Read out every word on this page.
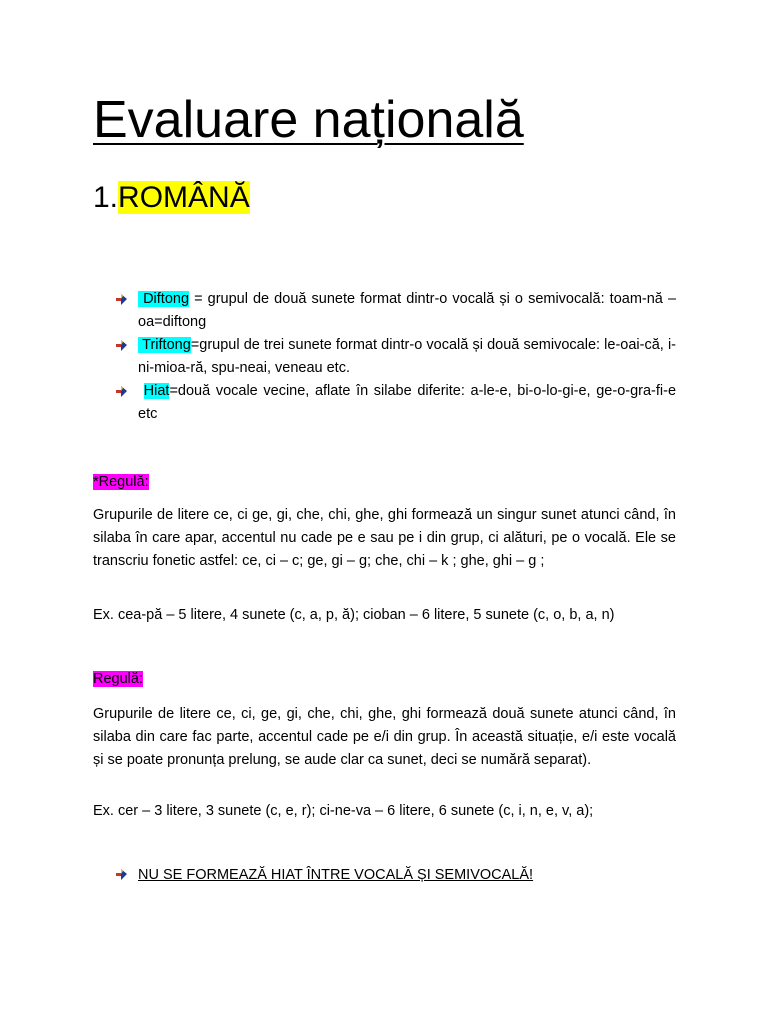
Evaluare națională
1.ROMÂNĂ
Diftong = grupul de două sunete format dintr-o vocală și o semivocală: toam-nă – oa=diftong
Triftong=grupul de trei sunete format dintr-o vocală și două semivocale: le-oai-că, i-ni-mioa-ră, spu-neai, veneau etc.
Hiat=două vocale vecine, aflate în silabe diferite: a-le-e, bi-o-lo-gi-e, ge-o-gra-fi-e etc
*Regulă:

Grupurile de litere ce, ci ge, gi, che, chi, ghe, ghi formează un singur sunet atunci când, în silaba în care apar, accentul nu cade pe e sau pe i din grup, ci alături, pe o vocală. Ele se transcriu fonetic astfel: ce, ci – c; ge, gi – g; che, chi – k ; ghe, ghi – g ;

Ex. cea-pă – 5 litere, 4 sunete (c, a, p, ă); cioban – 6 litere, 5 sunete (c, o, b, a, n)

Regulă:

Grupurile de litere ce, ci, ge, gi, che, chi, ghe, ghi formează două sunete atunci când, în silaba din care fac parte, accentul cade pe e/i din grup. În această situație, e/i este vocală și se poate pronunța prelung, se aude clar ca sunet, deci se numără separat).

Ex. cer – 3 litere, 3 sunete (c, e, r); ci-ne-va – 6 litere, 6 sunete (c, i, n, e, v, a);

NU SE FORMEAZĂ HIAT ÎNTRE VOCALĂ ȘI SEMIVOCALĂ!
